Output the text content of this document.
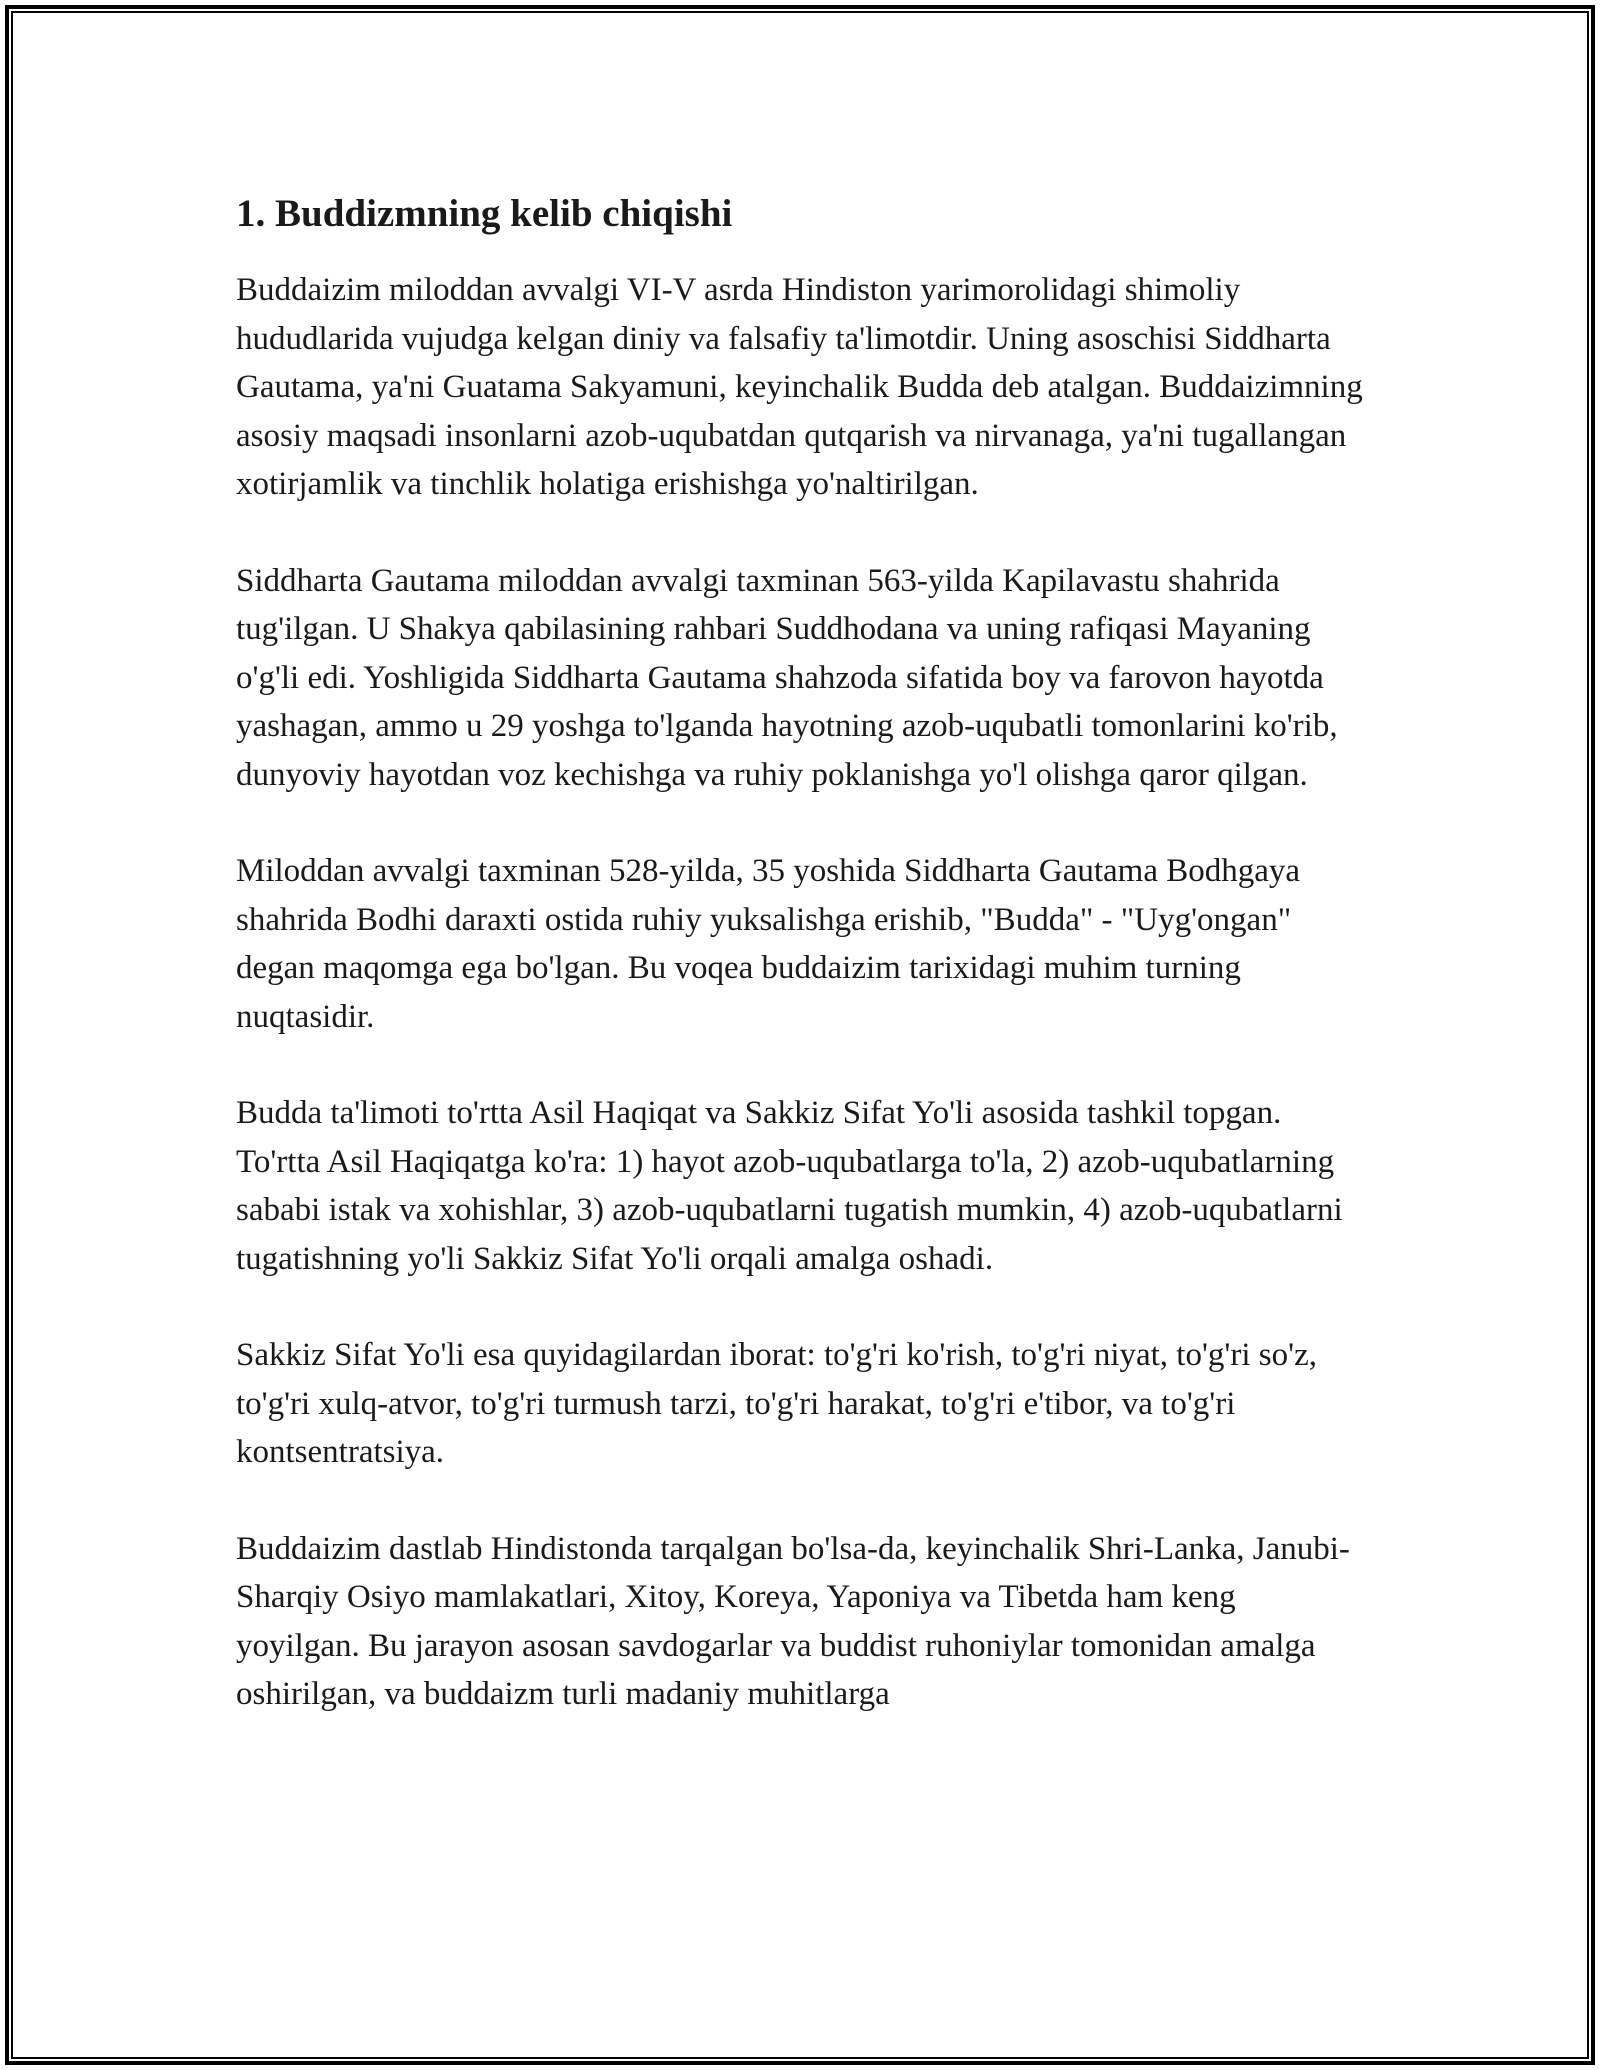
1. Buddizmning kelib chiqishi

Buddaizim miloddan avvalgi VI-V asrda Hindiston yarimorolidagi shimoliy hududlarida vujudga kelgan diniy va falsafiy ta'limotdir. Uning asoschisi Siddharta Gautama, ya'ni Guatama Sakyamuni, keyinchalik Budda deb atalgan. Buddaizimning asosiy maqsadi insonlarni azob-uqubatdan qutqarish va nirvanaga, ya'ni tugallangan xotirjamlik va tinchlik holatiga erishishga yo'naltirilgan.

Siddharta Gautama miloddan avvalgi taxminan 563-yilda Kapilavastu shahrida tug'ilgan. U Shakya qabilasining rahbari Suddhodana va uning rafiqasi Mayaning o'g'li edi. Yoshligida Siddharta Gautama shahzoda sifatida boy va farovon hayotda yashagan, ammo u 29 yoshga to'lganda hayotning azob-uqubatli tomonlarini ko'rib, dunyoviy hayotdan voz kechishga va ruhiy poklanishga yo'l olishga qaror qilgan.

Miloddan avvalgi taxminan 528-yilda, 35 yoshida Siddharta Gautama Bodhgaya shahrida Bodhi daraxti ostida ruhiy yuksalishga erishib, "Budda" - "Uyg'ongan" degan maqomga ega bo'lgan. Bu voqea buddaizim tarixidagi muhim turning nuqtasidir.

Budda ta'limoti to'rtta Asil Haqiqat va Sakkiz Sifat Yo'li asosida tashkil topgan. To'rtta Asil Haqiqatga ko'ra: 1) hayot azob-uqubatlarga to'la, 2) azob-uqubatlarning sababi istak va xohishlar, 3) azob-uqubatlarni tugatish mumkin, 4) azob-uqubatlarni tugatishning yo'li Sakkiz Sifat Yo'li orqali amalga oshadi.

Sakkiz Sifat Yo'li esa quyidagilardan iborat: to'g'ri ko'rish, to'g'ri niyat, to'g'ri so'z, to'g'ri xulq-atvor, to'g'ri turmush tarzi, to'g'ri harakat, to'g'ri e'tibor, va to'g'ri kontsentratsiya.

Buddaizim dastlab Hindistonda tarqalgan bo'lsa-da, keyinchalik Shri-Lanka, Janubi-Sharqiy Osiyo mamlakatlari, Xitoy, Koreya, Yaponiya va Tibetda ham keng yoyilgan. Bu jarayon asosan savdogarlar va buddist ruhoniylar tomonidan amalga oshirilgan, va buddaizm turli madaniy muhitlarga
